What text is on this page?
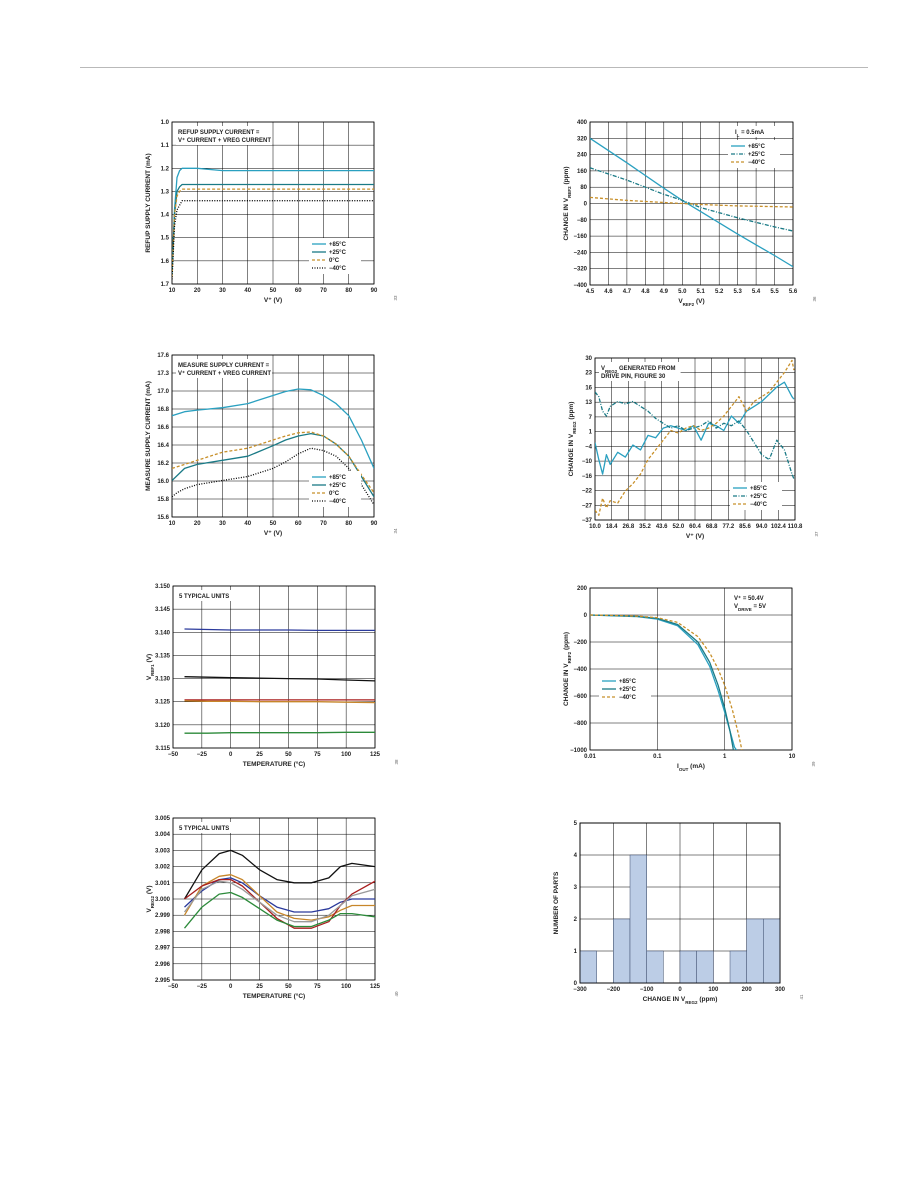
10	20	30	40	50	60	70	80	90
1.0
1.1
1.2
1.3
1.4
1.5
1.6
1.7
V⁺ (V)
REFUP SUPPLY CURRENT (mA)
33
REFUP SUPPLY CURRENT =
V⁺ CURRENT + VREG CURRENT
+85°C
+25°C
0°C
−40°C
4.5 4.6 4.7 4.8 4.9 5.0 5.1 5.2 5.3 5.4 5.5 5.6
400
320
240
160
80
0
−80
−160
−240
−320
−400
$V_{REF2}$ (V)
CHANGE IN $V_{REF2}$ (ppm)
36
$I_L = 0.5mA$
+85°C
+25°C
−40°C
10	20	30	40	50	60	70	80	90
17.6
17.3
17.0
16.8
16.6
16.4
16.2
16.0
15.8
15.6
V⁺ (V)
MEASURE SUPPLY CURRENT (mA)
34
MEASURE SUPPLY CURRENT =
V⁺ CURRENT + VREG CURRENT
+85°C
+25°C
0°C
−40°C
10.0 18.4 26.8 35.2 43.6 52.0 60.4 68.8 77.2 85.6 94.0 102.4 110.8
30
23
16
13
7
1
−4
−10
−16
−22
−27
−37
V⁺ (V)
CHANGE IN $V_{REG2}$ (ppm)
37
$V_{REG2}$ GENERATED FROM
DRIVE PIN, FIGURE 30
+85°C
+25°C
−40°C
−50	−25	0	25	50	75	100	125
3.150
3.145
3.140
3.135
3.130
3.125
3.120
3.115
TEMPERATURE (°C)
$V_{REF1}$ (V)
38
5 TYPICAL UNITS
0.01	0.1	1	10
200
0
−200
−400
−600
−800
−1000
$I_{OUT}$ (mA)
CHANGE IN $V_{REF2}$ (ppm)
39
V⁺ = 50.4V
$V_{DRIVE} = 5V$
+85°C
+25°C
−40°C
−50	−25	0	25	50	75	100	125
3.005
3.004
3.003
3.002
3.001
3.000
2.999
2.998
2.997
2.996
2.995
TEMPERATURE (°C)
$V_{REG2}$ (V)
40
5 TYPICAL UNITS
−300	−200	−100	0	100	200	300
5
4
3
2
1
0
CHANGE IN $V_{REG2}$ (ppm)
NUMBER OF PARTS
41
